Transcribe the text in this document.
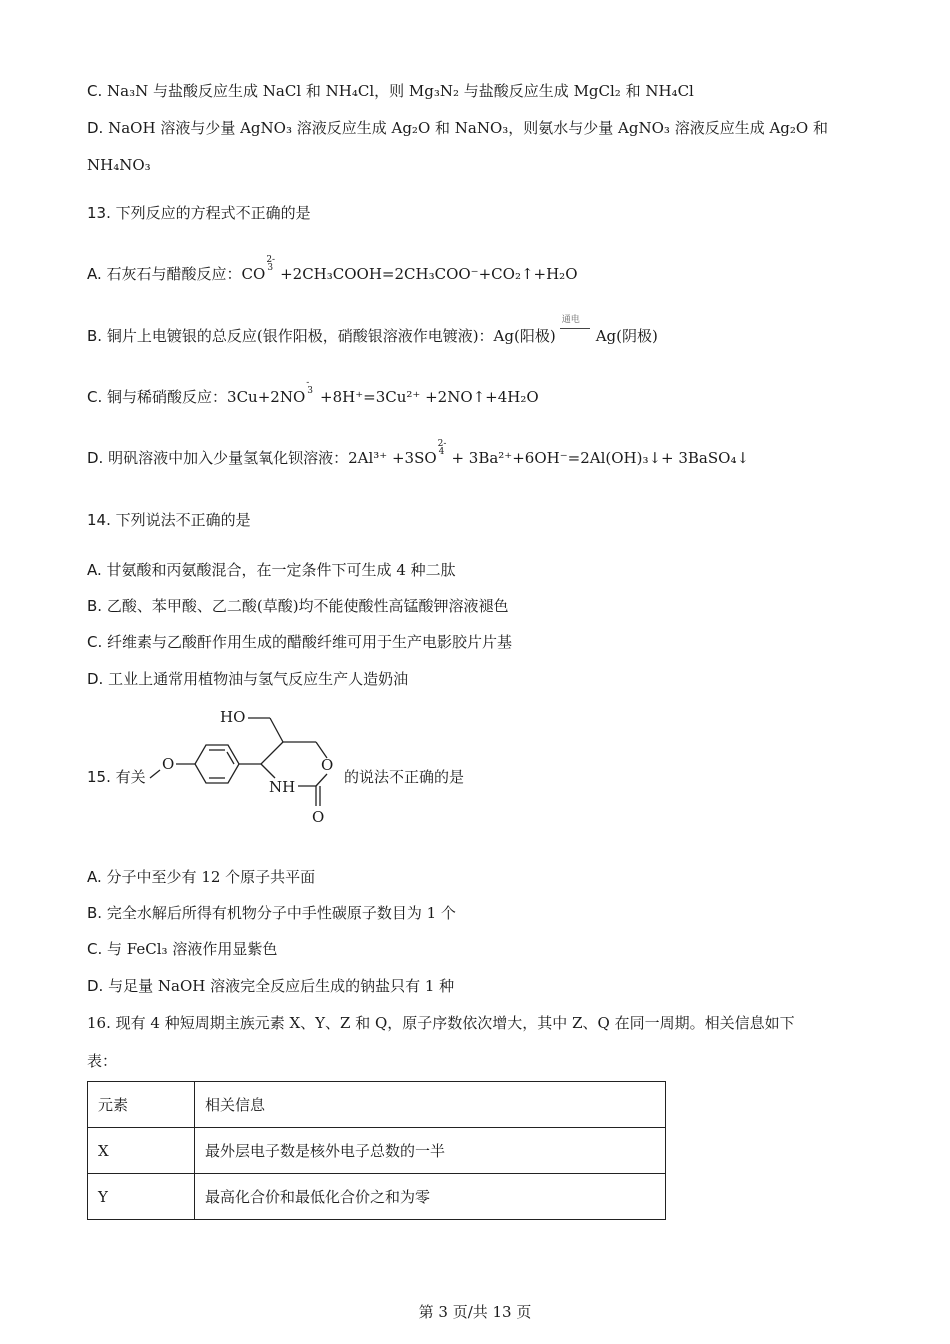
C. Na₃N 与盐酸反应生成 NaCl 和 NH₄Cl，则 Mg₃N₂ 与盐酸反应生成 MgCl₂ 和 NH₄Cl
D. NaOH 溶液与少量 AgNO₃ 溶液反应生成 Ag₂O 和 NaNO₃，则氨水与少量 AgNO₃ 溶液反应生成 Ag₂O 和
NH₄NO₃
13. 下列反应的方程式不正确的是
A. 石灰石与醋酸反应：CO
2-
3 +2CH₃COOH=2CH₃COO⁻+CO₂↑+H₂O
B. 铜片上电镀银的总反应(银作阳极，硝酸银溶液作电镀液)：Ag(阳极)
通电
Ag(阴极)
C. 铜与稀硝酸反应：3Cu+2NO
-
3 +8H⁺=3Cu²⁺ +2NO↑+4H₂O
D. 明矾溶液中加入少量氢氧化钡溶液：2Al³⁺ +3SO
2-
4 + 3Ba²⁺+6OH⁻=2Al(OH)₃↓+ 3BaSO₄↓
14. 下列说法不正确的是
A. 甘氨酸和丙氨酸混合，在一定条件下可生成 4 种二肽
B. 乙酸、苯甲酸、乙二酸(草酸)均不能使酸性高锰酸钾溶液褪色
C. 纤维素与乙酸酐作用生成的醋酸纤维可用于生产电影胶片片基
D. 工业上通常用植物油与氢气反应生产人造奶油
15. 有关	的说法不正确的是
O
HO
O
NH
O
A. 分子中至少有 12 个原子共平面
B. 完全水解后所得有机物分子中手性碳原子数目为 1 个
C. 与 FeCl₃ 溶液作用显紫色
D. 与足量 NaOH 溶液完全反应后生成的钠盐只有 1 种
16. 现有 4 种短周期主族元素 X、Y、Z 和 Q，原子序数依次增大，其中 Z、Q 在同一周期。相关信息如下
表：
元素	相关信息
X	最外层电子数是核外电子总数的一半
Y	最高化合价和最低化合价之和为零
第 3 页/共 13 页
